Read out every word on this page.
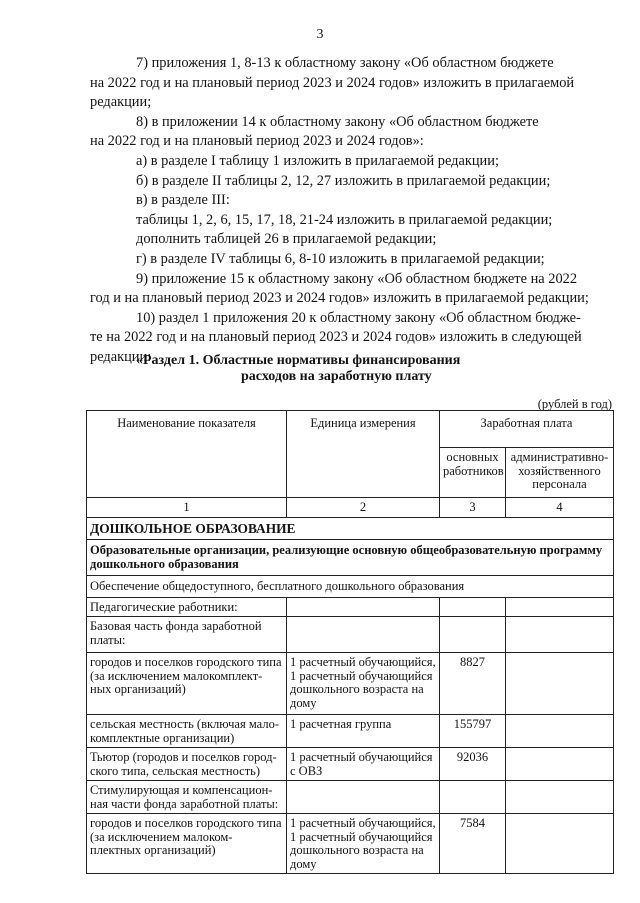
3

7) приложения 1, 8-13 к областному закону «Об областном бюджете

на 2022 год и на плановый период 2023 и 2024 годов» изложить в прилагаемой

редакции;

8) в приложении 14 к областному закону «Об областном бюджете

на 2022 год и на плановый период 2023 и 2024 годов»:

а) в разделе I таблицу 1 изложить в прилагаемой редакции;

б) в разделе II таблицы 2, 12, 27 изложить в прилагаемой редакции;

в) в разделе III:

таблицы 1, 2, 6, 15, 17, 18, 21-24 изложить в прилагаемой редакции;

дополнить таблицей 26 в прилагаемой редакции;

г) в разделе IV таблицы 6, 8-10 изложить в прилагаемой редакции;

9) приложение 15 к областному закону «Об областном бюджете на 2022

год и на плановый период 2023 и 2024 годов» изложить в прилагаемой редакции;

10) раздел 1 приложения 20 к областному закону «Об областном бюдже-

те на 2022 год и на плановый период 2023 и 2024 годов» изложить в следующей

редакции:

«Раздел 1. Областные нормативы финансирования
расходов на заработную плату
(рублей в год)
Наименование показателя	Единица измерения	Заработная плата	
		основных работников	административно-хозяйственного персонала
1	2	3	4
ДОШКОЛЬНОЕ ОБРАЗОВАНИЕ			
Образовательные организации, реализующие основную общеобразовательную программу дошкольного образования			
Обеспечение общедоступного, бесплатного дошкольного образования			
Педагогические работники:			
Базовая часть фонда заработной платы:			
городов и поселков городского типа (за исключением малокомплект-ных организаций)	1 расчетный обучающийся, 1 расчетный обучающийся дошкольного возраста на дому	8827	
сельская местность (включая мало-комплектные организации)	1 расчетная группа	155797	
Тьютор (городов и поселков город-ского типа, сельская местность)	1 расчетный обучающийся с ОВЗ	92036	
Стимулирующая и компенсацион-ная части фонда заработной платы:			
городов и поселков городского типа (за исключением малоком-плектных организаций)	1 расчетный обучающийся, 1 расчетный обучающийся дошкольного возраста на дому	7584	
